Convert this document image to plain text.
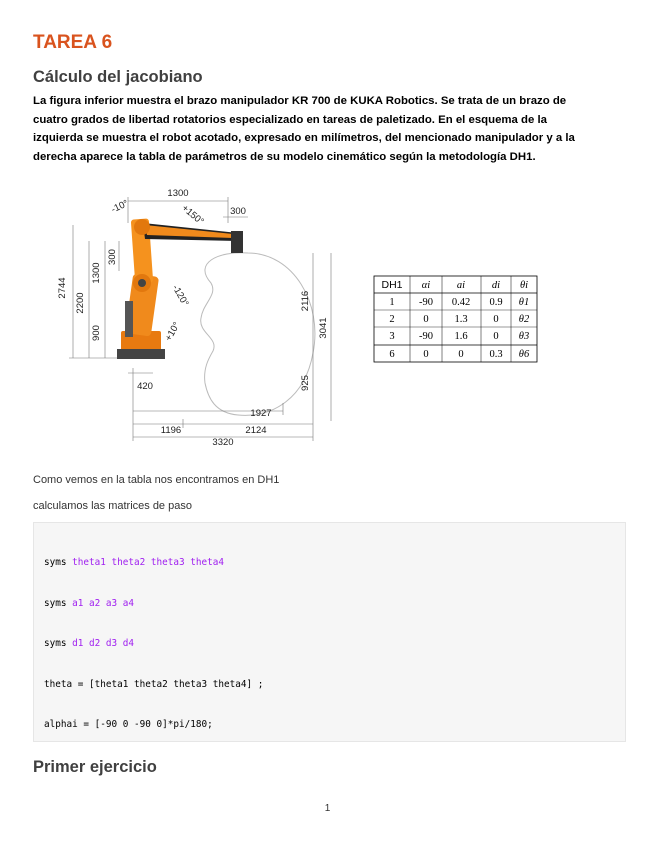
TAREA 6
Cálculo del jacobiano
La figura inferior muestra el brazo manipulador KR 700 de KUKA Robotics. Se trata de un brazo de
cuatro grados de libertad rotatorios especializado en tareas de paletizado. En el esquema de la
izquierda se muestra el robot acotado, expresado en milímetros, del mencionado manipulador y a la
derecha aparece la tabla de parámetros de su modelo cinemático según la metodología DH1.
1300
300
-10°	+150°
2744
2200
1300
300
900
-120°
+10°
2116
3041
925
420
1927
1196	2124
3320
DH1 αi	ai	di θi
1 -90 0.42 0.9 θ1
2	0 1.3 0 θ2
3 -90 1.6 0 θ3
6	0	0 0.3 θ6

Como vemos en la tabla nos encontramos en DH1

calculamos las matrices de paso

syms theta1 theta2 theta3 theta4

syms a1 a2 a3 a4

syms d1 d2 d3 d4

theta = [theta1 theta2 theta3 theta4] ;

alphai = [-90 0 -90 0]*pi/180;

Primer ejercicio
1
